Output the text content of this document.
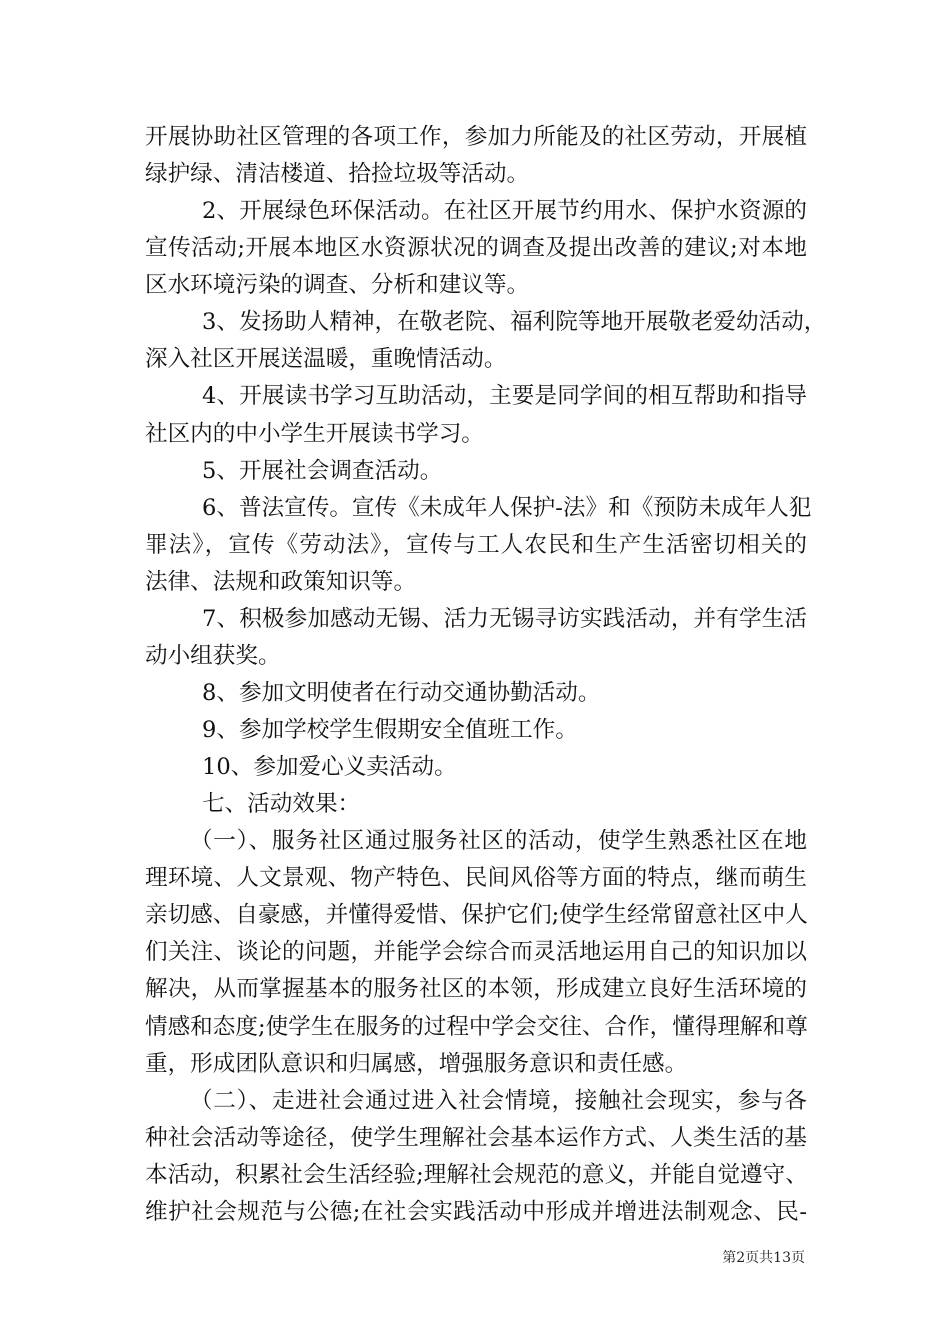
开展协助社区管理的各项工作，参加力所能及的社区劳动，开展植
绿护绿、清洁楼道、拾捡垃圾等活动。
2、开展绿色环保活动。在社区开展节约用水、保护水资源的
宣传活动;开展本地区水资源状况的调查及提出改善的建议;对本地
区水环境污染的调查、分析和建议等。
3、发扬助人精神，在敬老院、福利院等地开展敬老爱幼活动，
深入社区开展送温暖，重晚情活动。
4、开展读书学习互助活动，主要是同学间的相互帮助和指导
社区内的中小学生开展读书学习。
5、开展社会调查活动。
6、普法宣传。宣传《未成年人保护-法》和《预防未成年人犯
罪法》，宣传《劳动法》，宣传与工人农民和生产生活密切相关的
法律、法规和政策知识等。
7、积极参加感动无锡、活力无锡寻访实践活动，并有学生活
动小组获奖。
8、参加文明使者在行动交通协勤活动。
9、参加学校学生假期安全值班工作。
10、参加爱心义卖活动。
七、活动效果：
（一）、服务社区通过服务社区的活动，使学生熟悉社区在地
理环境、人文景观、物产特色、民间风俗等方面的特点，继而萌生
亲切感、自豪感，并懂得爱惜、保护它们;使学生经常留意社区中人
们关注、谈论的问题，并能学会综合而灵活地运用自己的知识加以
解决，从而掌握基本的服务社区的本领，形成建立良好生活环境的
情感和态度;使学生在服务的过程中学会交往、合作，懂得理解和尊
重，形成团队意识和归属感，增强服务意识和责任感。
（二）、走进社会通过进入社会情境，接触社会现实，参与各
种社会活动等途径，使学生理解社会基本运作方式、人类生活的基
本活动，积累社会生活经验;理解社会规范的意义，并能自觉遵守、
维护社会规范与公德;在社会实践活动中形成并增进法制观念、民-
第2页共13页
